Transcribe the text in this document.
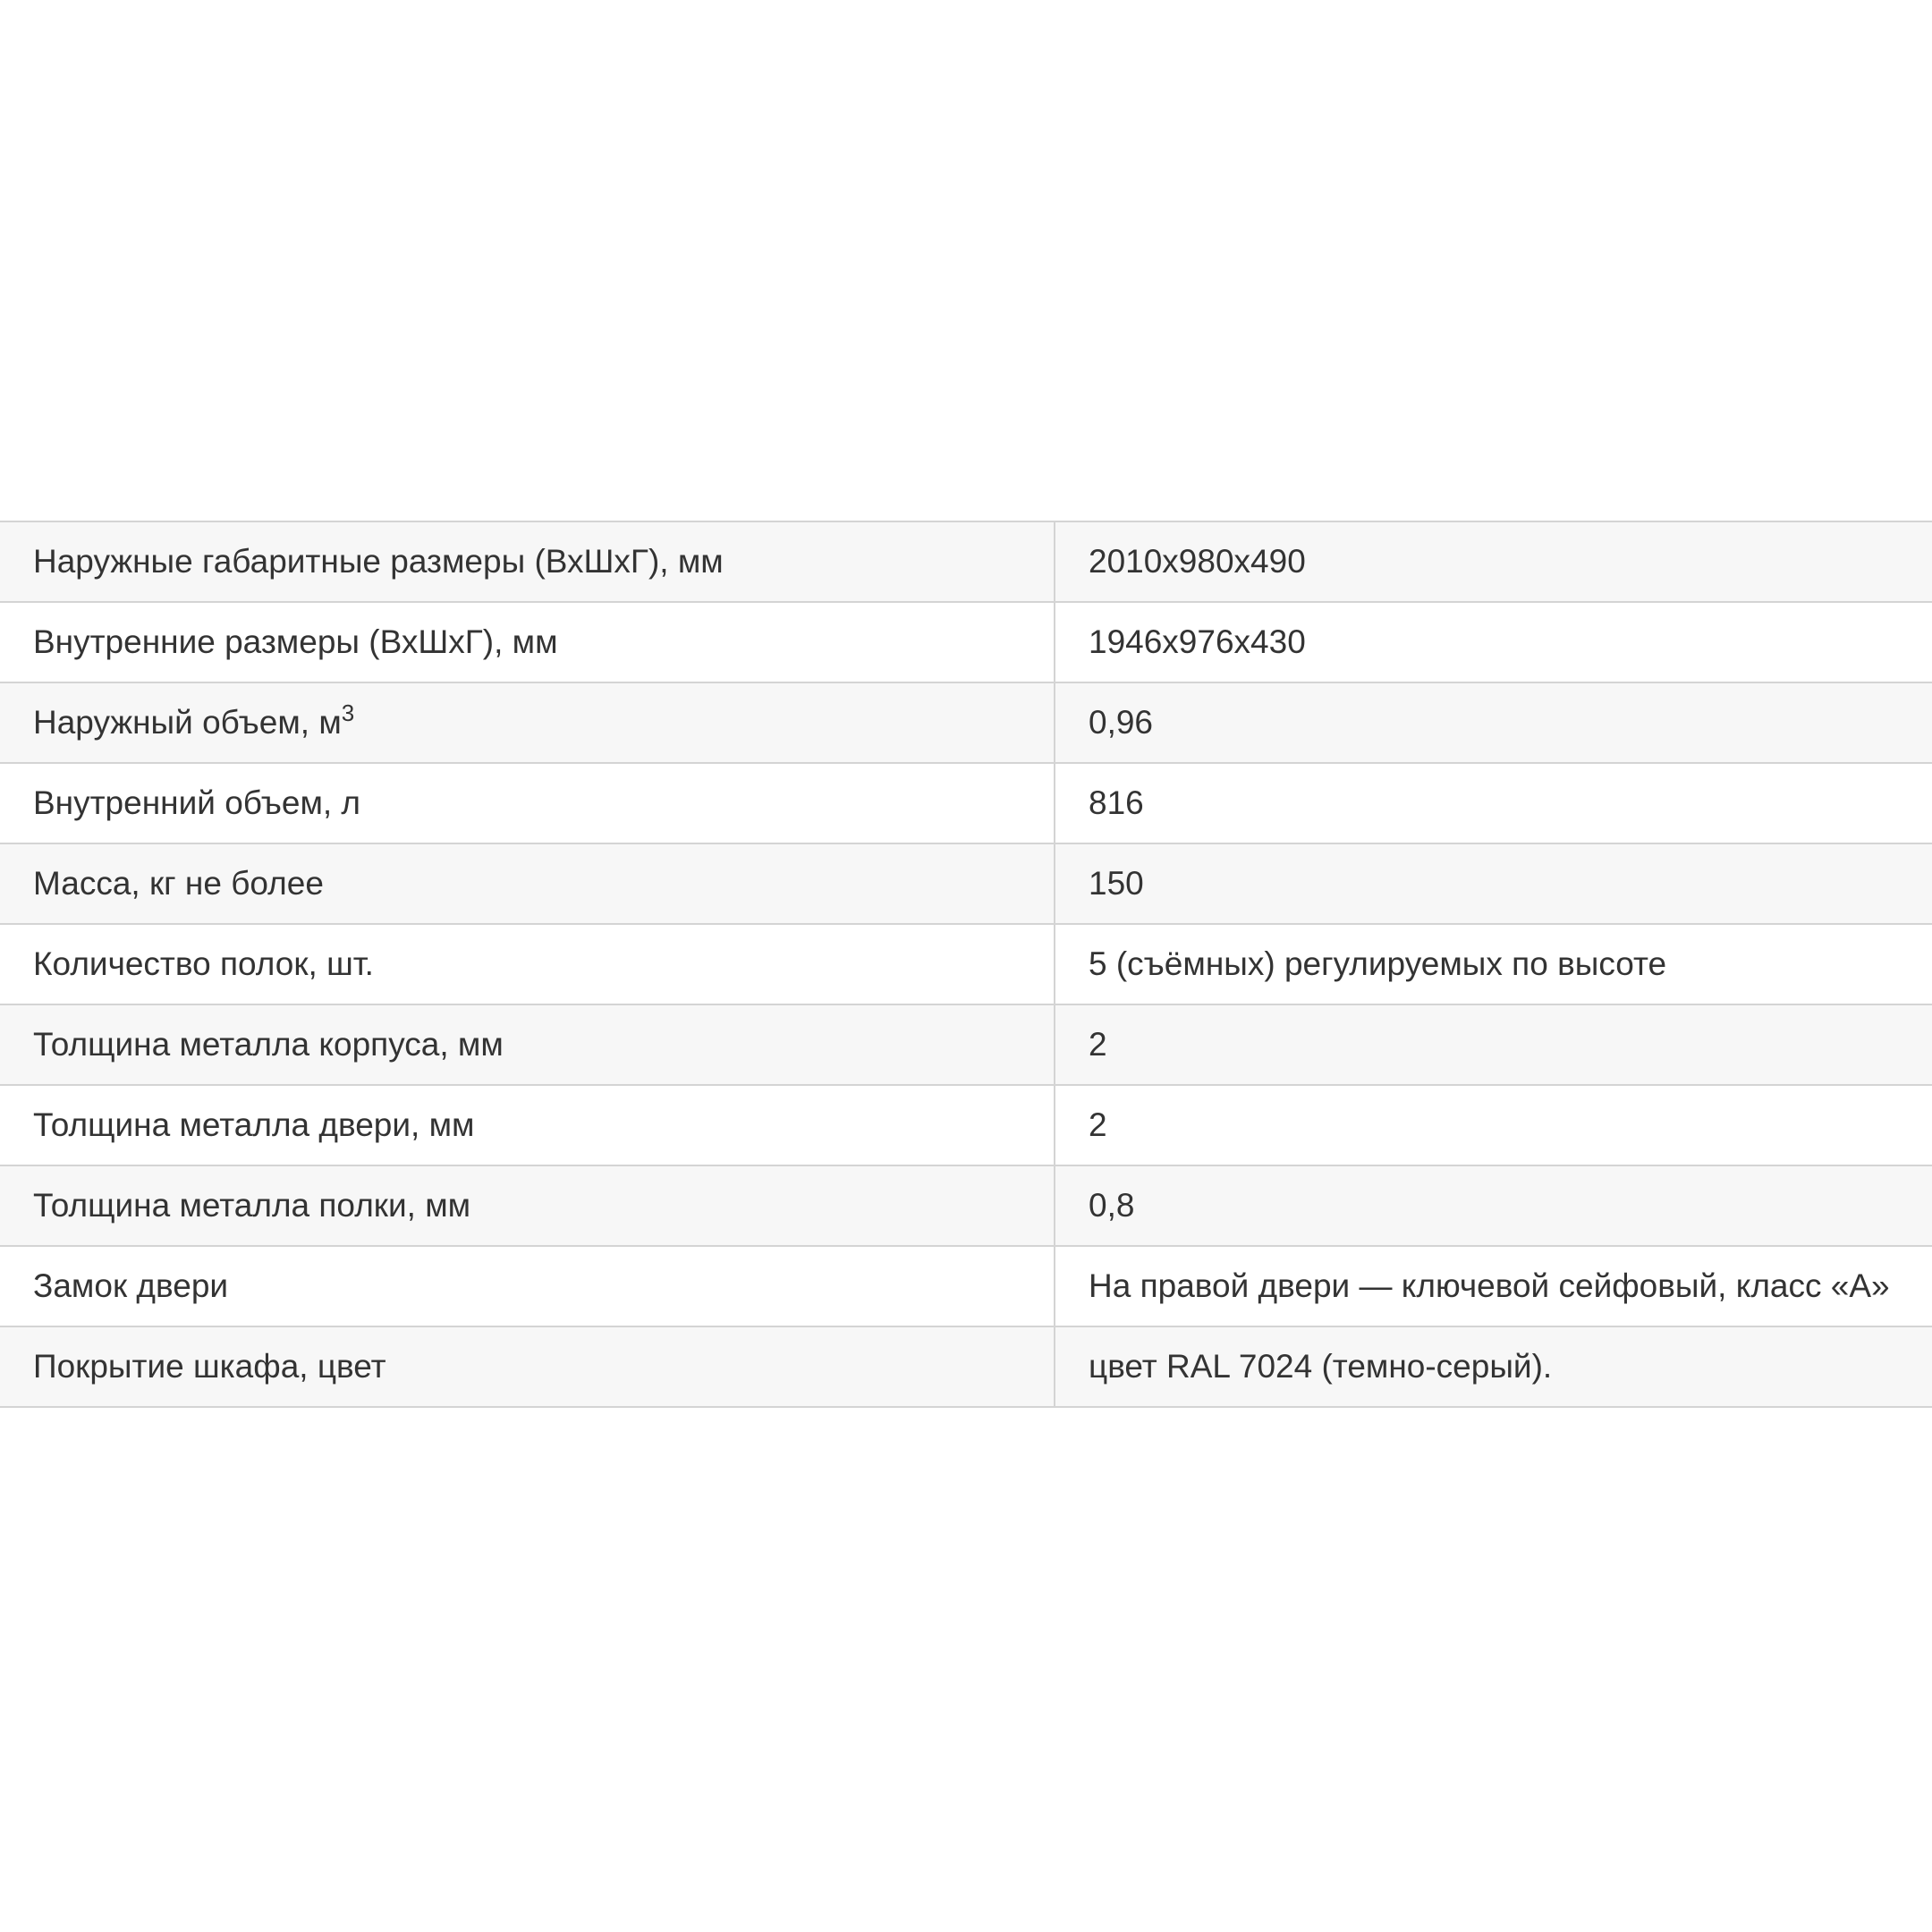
Наружные габаритные размеры (ВхШхГ), мм	2010х980х490
Внутренние размеры (ВхШхГ), мм	1946х976х430
Наружный объем, $м^3$	0,96
Внутренний объем, л	816
Масса, кг не более	150
Количество полок, шт.	5 (съёмных) регулируемых по высоте
Толщина металла корпуса, мм	2
Толщина металла двери, мм	2
Толщина металла полки, мм	0,8
Замок двери	На правой двери — ключевой сейфовый, класс «А»
Покрытие шкафа, цвет	цвет RAL 7024 (темно-серый).
